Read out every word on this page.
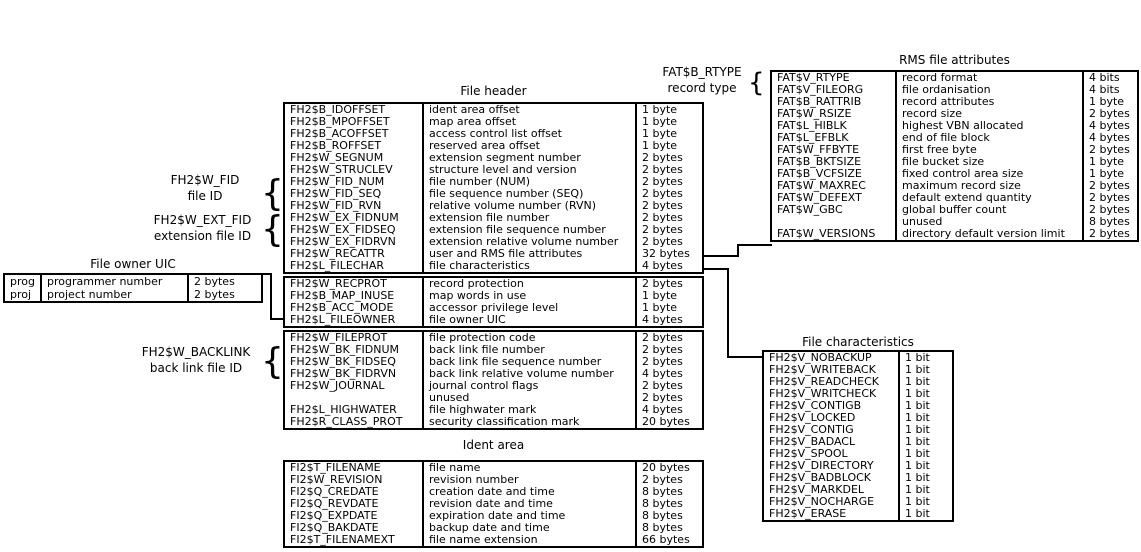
File header
Ident area
RMS file attributes
File characteristics
File owner UIC
FH2$B_IDOFFSET	ident area offset	1 byte
FH2$B_MPOFFSET	map area offset	1 byte
FH2$B_ACOFFSET	access control list offset	1 byte
FH2$B_ROFFSET	reserved area offset	1 byte
FH2$W_SEGNUM	extension segment number	2 bytes
FH2$W_STRUCLEV	structure level and version	2 bytes
FH2$W_FID_NUM	file number (NUM)	2 bytes
FH2$W_FID_SEQ	file sequence number (SEQ)	2 bytes
FH2$W_FID_RVN	relative volume number (RVN)	2 bytes
FH2$W_EX_FIDNUM	extension file number	2 bytes
FH2$W_EX_FIDSEQ	extension file sequence number	2 bytes
FH2$W_EX_FIDRVN	extension relative volume number	2 bytes
FH2$W_RECATTR	user and RMS file attributes	32 bytes
FH2$L_FILECHAR	file characteristics	4 bytes
FH2$W_RECPROT	record protection	2 bytes
FH2$B_MAP_INUSE	map words in use	1 byte
FH2$B_ACC_MODE	accessor privilege level	1 byte
FH2$L_FILEOWNER	file owner UIC	4 bytes
FH2$W_FILEPROT	file protection code	2 bytes
FH2$W_BK_FIDNUM	back link file number	2 bytes
FH2$W_BK_FIDSEQ	back link file sequence number	2 bytes
FH2$W_BK_FIDRVN	back link relative volume number	4 bytes
FH2$W_JOURNAL	journal control flags	2 bytes
unused	2 bytes
FH2$L_HIGHWATER	file highwater mark	4 bytes
FH2$R_CLASS_PROT	security classification mark	20 bytes
FI2$T_FILENAME	file name	20 bytes
FI2$W_REVISION	revision number	2 bytes
FI2$Q_CREDATE	creation date and time	8 bytes
FI2$Q_REVDATE	revision date and time	8 bytes
FI2$Q_EXPDATE	expiration date and time	8 bytes
FI2$Q_BAKDATE	backup date and time	8 bytes
FI2$T_FILENAMEXT	file name extension	66 bytes
FAT$V_RTYPE	record format	4 bits
FAT$V_FILEORG	file ordanisation	4 bits
FAT$B_RATTRIB	record attributes	1 byte
FAT$W_RSIZE	record size	2 bytes
FAT$L_HIBLK	highest VBN allocated	4 bytes
FAT$L_EFBLK	end of file block	4 bytes
FAT$W_FFBYTE	first free byte	2 bytes
FAT$B_BKTSIZE	file bucket size	1 byte
FAT$B_VCFSIZE	fixed control area size	1 byte
FAT$W_MAXREC	maximum record size	2 bytes
FAT$W_DEFEXT	default extend quantity	2 bytes
FAT$W_GBC	global buffer count	2 bytes
unused	8 bytes
FAT$W_VERSIONS	directory default version limit	2 bytes
FH2$V_NOBACKUP	1 bit
FH2$V_WRITEBACK	1 bit
FH2$V_READCHECK	1 bit
FH2$V_WRITCHECK	1 bit
FH2$V_CONTIGB	1 bit
FH2$V_LOCKED	1 bit
FH2$V_CONTIG	1 bit
FH2$V_BADACL	1 bit
FH2$V_SPOOL	1 bit
FH2$V_DIRECTORY	1 bit
FH2$V_BADBLOCK	1 bit
FH2$V_MARKDEL	1 bit
FH2$V_NOCHARGE	1 bit
FH2$V_ERASE	1 bit
prog	programmer number	2 bytes
proj	project number	2 bytes
FH2$W_FID
file ID	{
FH2$W_EXT_FID
extension file ID {
FH2$W_BACKLINK
back link file ID {
FAT$B_RTYPE
record type {
